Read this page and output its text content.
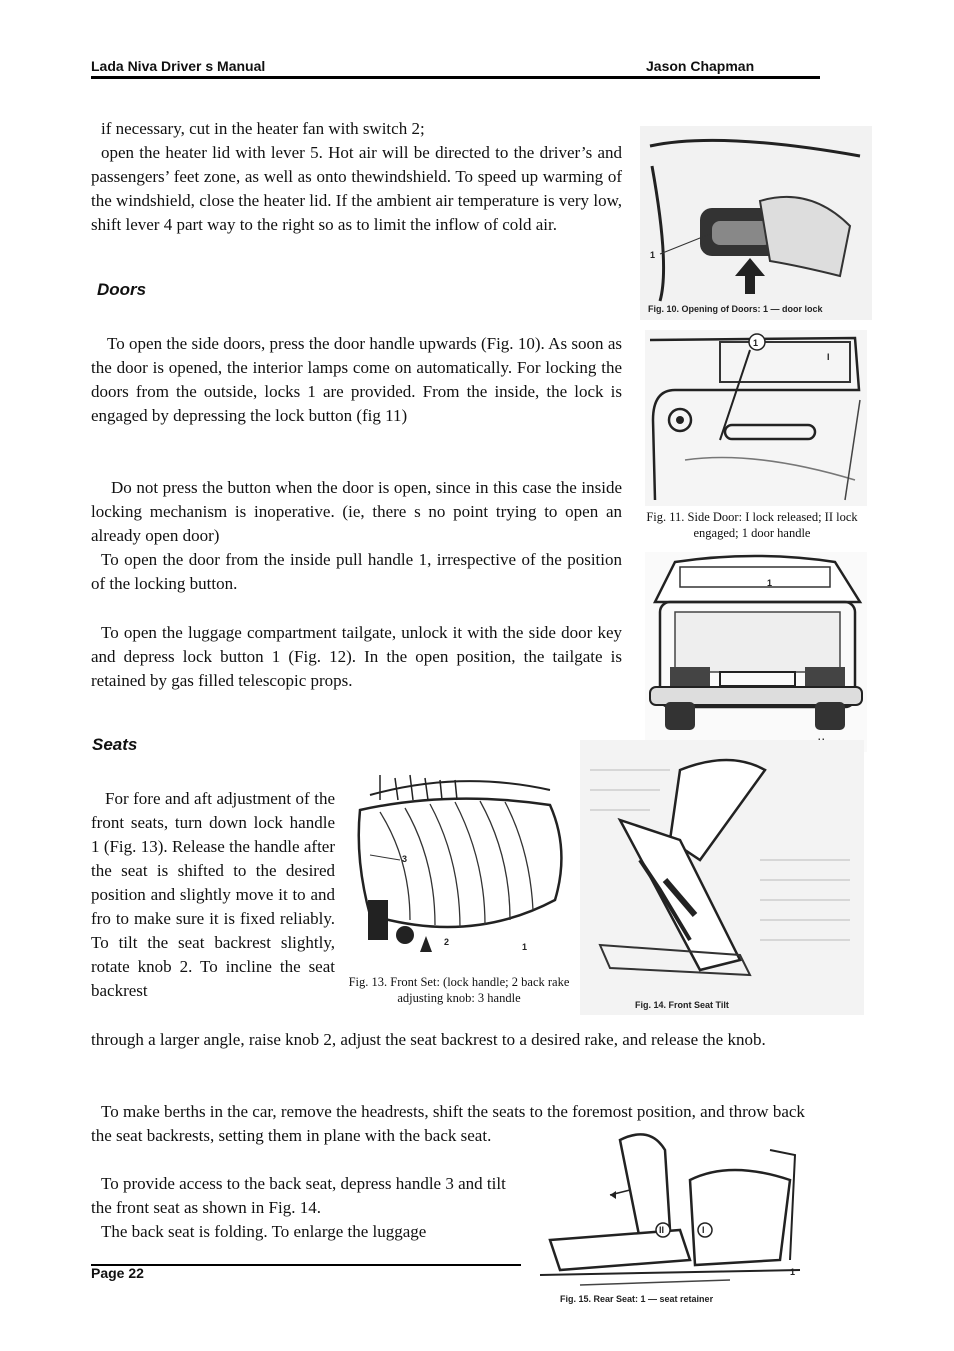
Lada Niva Driver s Manual	Jason Chapman

if necessary, cut in the heater fan with switch 2;

open the heater lid with lever 5. Hot air will be directed to the driver’s and passengers’ feet zone, as well as onto thewindshield. To speed up warming of the windshield, close the heater lid. If the ambient air temperature is very low, shift lever 4 part way to the right so as to limit the inflow of cold air.

Doors

To open the side doors, press the door handle upwards (Fig. 10). As soon as the door is opened, the interior lamps come on automatically. For locking the doors from the outside, locks 1 are provided. From the inside, the lock is engaged by depressing the lock button (fig 11)

Do not press the button when the door is open, since in this case the inside locking mechanism is inoperative. (ie, there s no point trying to open an already open door)

To open the door from the inside pull handle 1, irrespective of the position of the locking button.

To open the luggage compartment tailgate, unlock it with the side door key and depress lock button 1 (Fig. 12). In the open position, the tailgate is retained by gas filled telescopic props.

Seats

For fore and aft adjustment of the front seats, turn down lock handle 1 (Fig. 13). Release the handle after the seat is shifted to the desired position and slightly move it to and fro to make sure it is fixed reliably. To tilt the seat backrest slightly, rotate knob 2. To incline the seat backrest

through a larger angle, raise knob 2, adjust the seat backrest to a desired rake, and release the knob.

To make berths in the car, remove the headrests, shift the seats to the foremost position, and throw back the seat backrests, setting them in plane with the back seat.

To provide access to the back seat, depress handle 3 and tilt the front seat as shown in Fig. 14.

The back seat is folding. To enlarge the luggage

1
Fig. 10. Opening of Doors: 1 — door lock
1
I
Fig. 11. Side Door: I lock released; II lock engaged; 1 door handle
1
3
2	1
Fig. 13. Front Set: (lock handle; 2 back rake adjusting knob: 3 handle	Fig. 14. Front Seat Tilt
II	I
1
Fig. 15. Rear Seat: 1 — seat retainer
Page 22
